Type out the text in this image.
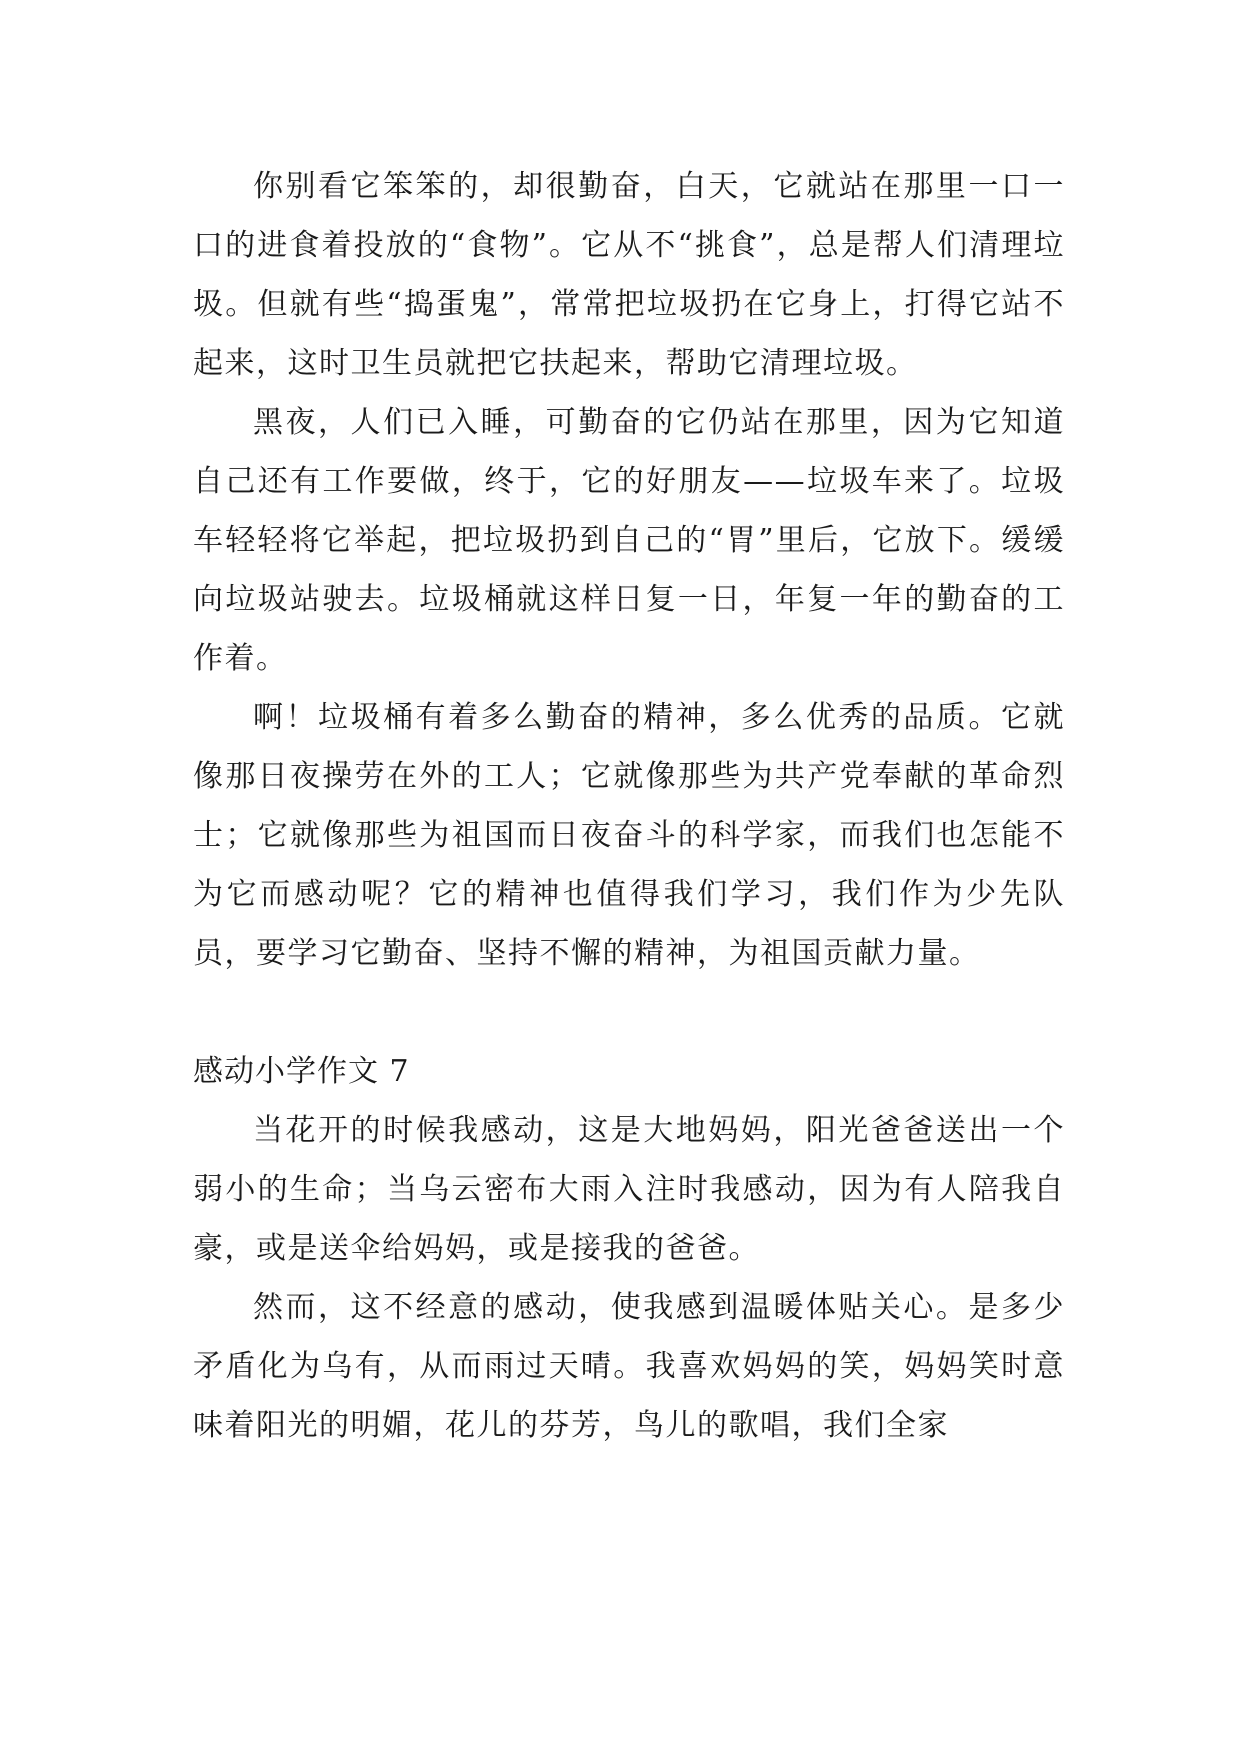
你别看它笨笨的，却很勤奋，白天，它就站在那里一口一口的进食着投放的“食物”。它从不“挑食”，总是帮人们清理垃圾。但就有些“捣蛋鬼”，常常把垃圾扔在它身上，打得它站不起来，这时卫生员就把它扶起来，帮助它清理垃圾。

黑夜，人们已入睡，可勤奋的它仍站在那里，因为它知道自己还有工作要做，终于，它的好朋友——垃圾车来了。垃圾车轻轻将它举起，把垃圾扔到自己的“胃”里后，它放下。缓缓向垃圾站驶去。垃圾桶就这样日复一日，年复一年的勤奋的工作着。

啊！垃圾桶有着多么勤奋的精神，多么优秀的品质。它就像那日夜操劳在外的工人；它就像那些为共产党奉献的革命烈士；它就像那些为祖国而日夜奋斗的科学家，而我们也怎能不为它而感动呢？它的精神也值得我们学习，我们作为少先队员，要学习它勤奋、坚持不懈的精神，为祖国贡献力量。

感动小学作文 7

当花开的时候我感动，这是大地妈妈，阳光爸爸送出一个弱小的生命；当乌云密布大雨入注时我感动，因为有人陪我自豪，或是送伞给妈妈，或是接我的爸爸。

然而，这不经意的感动，使我感到温暖体贴关心。是多少矛盾化为乌有，从而雨过天晴。我喜欢妈妈的笑，妈妈笑时意味着阳光的明媚，花儿的芬芳，鸟儿的歌唱，我们全家
